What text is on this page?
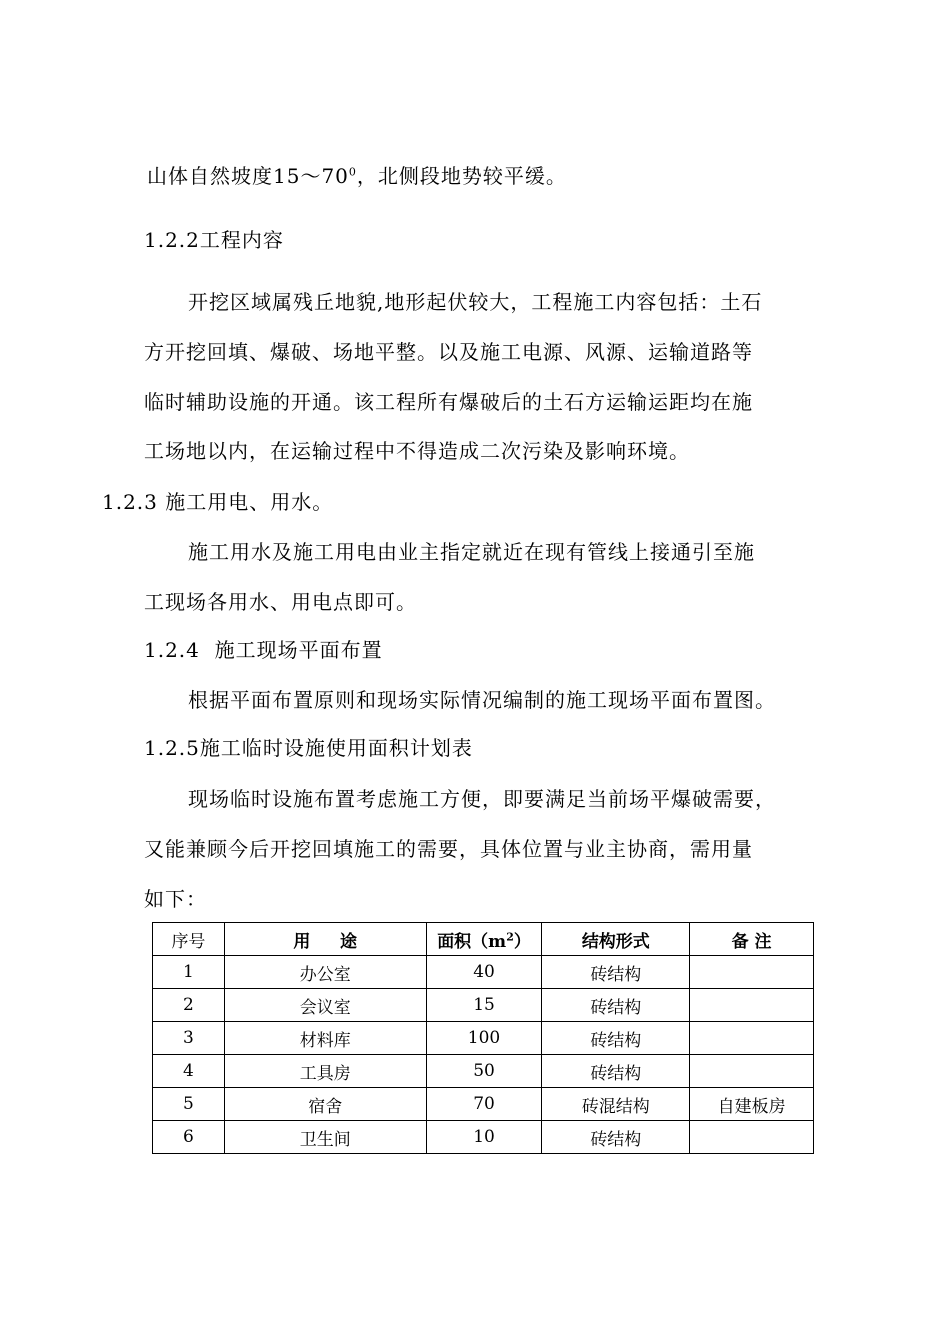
山体自然坡度$15\sim 70^0$，北侧段地势较平缓。
1.2.2工程内容
开挖区域属残丘地貌,地形起伏较大，工程施工内容包括：土石
方开挖回填、爆破、场地平整。以及施工电源、风源、运输道路等
临时辅助设施的开通。该工程所有爆破后的土石方运输运距均在施
工场地以内，在运输过程中不得造成二次污染及影响环境。
1.2.3 施工用电、用水。
施工用水及施工用电由业主指定就近在现有管线上接通引至施
工现场各用水、用电点即可。
1.2.4  施工现场平面布置
根据平面布置原则和现场实际情况编制的施工现场平面布置图。
1.2.5施工临时设施使用面积计划表
现场临时设施布置考虑施工方便，即要满足当前场平爆破需要，
又能兼顾今后开挖回填施工的需要，具体位置与业主协商，需用量
如下：
序号	用     途	面积$(m^2)$	结构形式	备 注
1	办公室	40	砖结构	
2	会议室	15	砖结构	
3	材料库	100	砖结构	
4	工具房	50	砖结构	
5	宿舍	70	砖混结构	自建板房
6	卫生间	10	砖结构	
